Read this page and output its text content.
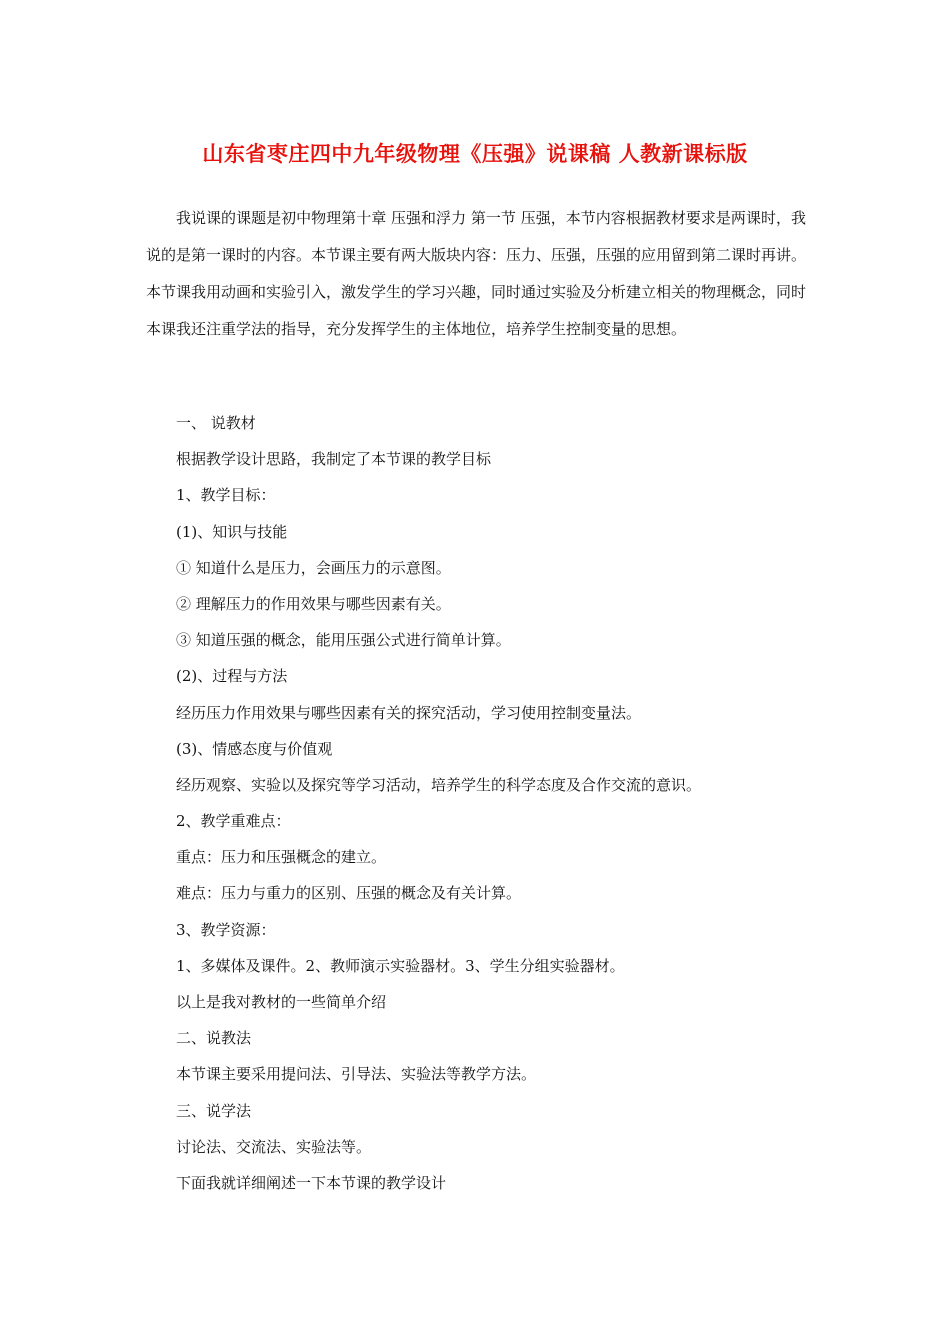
山东省枣庄四中九年级物理《压强》说课稿 人教新课标版

我说课的课题是初中物理第十章 压强和浮力 第一节 压强，本节内容根据教材要求是两课时，我说的是第一课时的内容。本节课主要有两大版块内容：压力、压强，压强的应用留到第二课时再讲。本节课我用动画和实验引入，激发学生的学习兴趣，同时通过实验及分析建立相关的物理概念，同时本课我还注重学法的指导，充分发挥学生的主体地位，培养学生控制变量的思想。

一、 说教材
根据教学设计思路，我制定了本节课的教学目标
1、教学目标：
(1)、知识与技能
① 知道什么是压力，会画压力的示意图。
② 理解压力的作用效果与哪些因素有关。
③ 知道压强的概念，能用压强公式进行简单计算。
(2)、过程与方法
经历压力作用效果与哪些因素有关的探究活动，学习使用控制变量法。
(3)、情感态度与价值观
经历观察、实验以及探究等学习活动，培养学生的科学态度及合作交流的意识。
2、教学重难点：
重点：压力和压强概念的建立。
难点：压力与重力的区别、压强的概念及有关计算。
3、教学资源：
1、多媒体及课件。2、教师演示实验器材。3、学生分组实验器材。
以上是我对教材的一些简单介绍
二、说教法
本节课主要采用提问法、引导法、实验法等教学方法。
三、说学法
讨论法、交流法、实验法等。
下面我就详细阐述一下本节课的教学设计
